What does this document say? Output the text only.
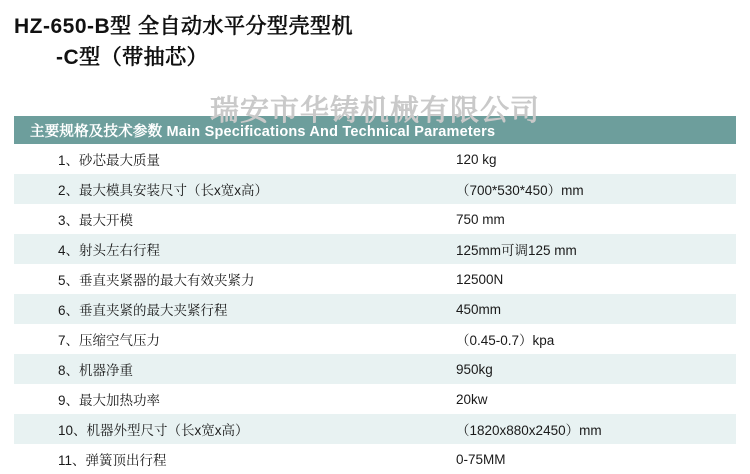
HZ-650-B型 全自动水平分型壳型机
-C型（带抽芯）
瑞安市华铸机械有限公司
主要规格及技术参数 Main Specifications And Technical Parameters	
1、砂芯最大质量	120 kg
2、最大模具安装尺寸（长x宽x高）	（700*530*450）mm
3、最大开模	750 mm
4、射头左右行程	125mm可调125 mm
5、垂直夹紧器的最大有效夹紧力	12500N
6、垂直夹紧的最大夹紧行程	450mm
7、压缩空气压力	（0.45-0.7）kpa
8、机器净重	950kg
9、最大加热功率	20kw
10、机器外型尺寸（长x宽x高）	（1820x880x2450）mm
11、弹簧顶出行程	0-75MM
